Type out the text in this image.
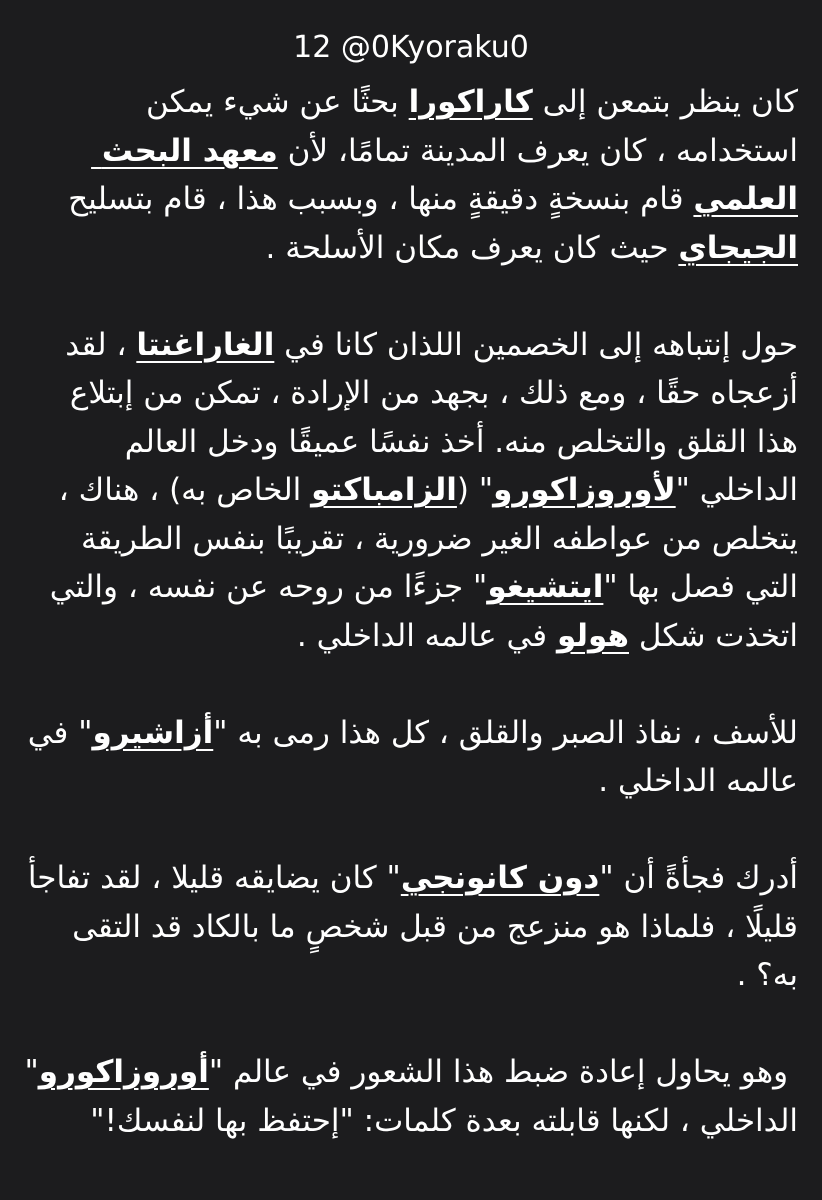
12 @0Kyoraku0

كان ينظر بتمعن إلى كاراكورا بحثًا عن شيء يمكن استخدامه ، كان يعرف المدينة تمامًا، لأن معهد البحث العلمي قام بنسخةٍ دقيقةٍ منها ، وبسبب هذا ، قام بتسليح الجيجاي حيث كان يعرف مكان الأسلحة .

حول إنتباهه إلى الخصمين اللذان كانا في الغاراغنتا ، لقد أزعجاه حقًا ، ومع ذلك ، بجهد من الإرادة ، تمكن من إبتلاع هذا القلق والتخلص منه. أخذ نفسًا عميقًا ودخل العالم الداخلي "لأوروزاكورو" (الزامباكتو الخاص به) ، هناك ، يتخلص من عواطفه الغير ضرورية ، تقريبًا بنفس الطريقة التي فصل بها "ايتشيغو" جزءًا من روحه عن نفسه ، والتي اتخذت شكل هولو في عالمه الداخلي .

للأسف ، نفاذ الصبر والقلق ، كل هذا رمى به "أزاشيرو" في عالمه الداخلي .

أدرك فجأةً أن "دون كانونجي" كان يضايقه قليلا ، لقد تفاجأ قليلًا ، فلماذا هو منزعج من قبل شخصٍ ما بالكاد قد التقى به؟ .

وهو يحاول إعادة ضبط هذا الشعور في عالم "أوروزاكورو" الداخلي ، لكنها قابلته بعدة كلمات: "إحتفظ بها لنفسك!"
